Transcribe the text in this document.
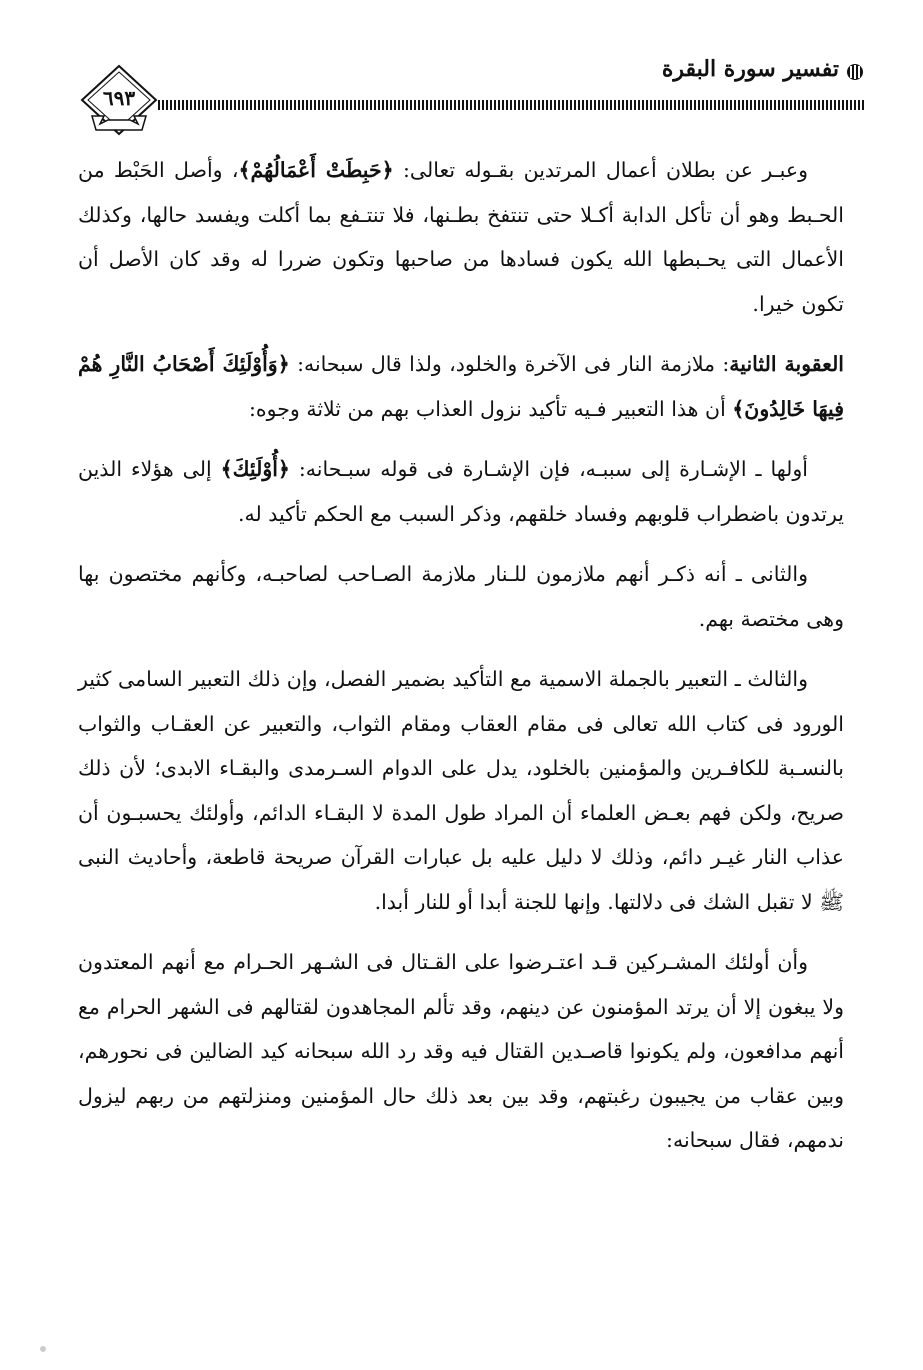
تفسير سورة البقرة
٦٩٣

وعبـر عن بطلان أعمال المرتدين بقـوله تعالى: ﴿حَبِطَتْ أَعْمَالُهُمْ﴾، وأصل الحَبْط من الحـبط وهو أن تأكل الدابة أكـلا حتى تنتفخ بطـنها، فلا تنتـفع بما أكلت ويفسد حالها، وكذلك الأعمال التى يحـبطها الله يكون فسادها من صاحبها وتكون ضررا له وقد كان الأصل أن تكون خيرا.

العقوبة الثانية: ملازمة النار فى الآخرة والخلود، ولذا قال سبحانه: ﴿وَأُوْلَئِكَ أَصْحَابُ النَّارِ هُمْ فِيهَا خَالِدُونَ﴾ أن هذا التعبير فـيه تأكيد نزول العذاب بهم من ثلاثة وجوه:

أولها ـ الإشـارة إلى سببـه، فإن الإشـارة فى قوله سبـحانه: ﴿أُوْلَئِكَ﴾ إلى هؤلاء الذين يرتدون باضطراب قلوبهم وفساد خلقهم، وذكر السبب مع الحكم تأكيد له.

والثانى ـ أنه ذكـر أنهم ملازمون للـنار ملازمة الصـاحب لصاحبـه، وكأنهم مختصون بها وهى مختصة بهم.

والثالث ـ التعبير بالجملة الاسمية مع التأكيد بضمير الفصل، وإن ذلك التعبير السامى كثير الورود فى كتاب الله تعالى فى مقام العقاب ومقام الثواب، والتعبير عن العقـاب والثواب بالنسـبة للكافـرين والمؤمنين بالخلود، يدل على الدوام السـرمدى والبقـاء الابدى؛ لأن ذلك صريح، ولكن فهم بعـض العلماء أن المراد طول المدة لا البقـاء الدائم، وأولئك يحسبـون أن عذاب النار غيـر دائم، وذلك لا دليل عليه بل عبارات القرآن صريحة قاطعة، وأحاديث النبى ﷺ لا تقبل الشك فى دلالتها. وإنها للجنة أبدا أو للنار أبدا.

وأن أولئك المشـركين قـد اعتـرضوا على القـتال فى الشـهر الحـرام مع أنهم المعتدون ولا يبغون إلا أن يرتد المؤمنون عن دينهم، وقد تألم المجاهدون لقتالهم فى الشهر الحرام مع أنهم مدافعون، ولم يكونوا قاصـدين القتال فيه وقد رد الله سبحانه كيد الضالين فى نحورهم، وبين عقاب من يجيبون رغبتهم، وقد بين بعد ذلك حال المؤمنين ومنزلتهم من ربهم ليزول ندمهم، فقال سبحانه:
